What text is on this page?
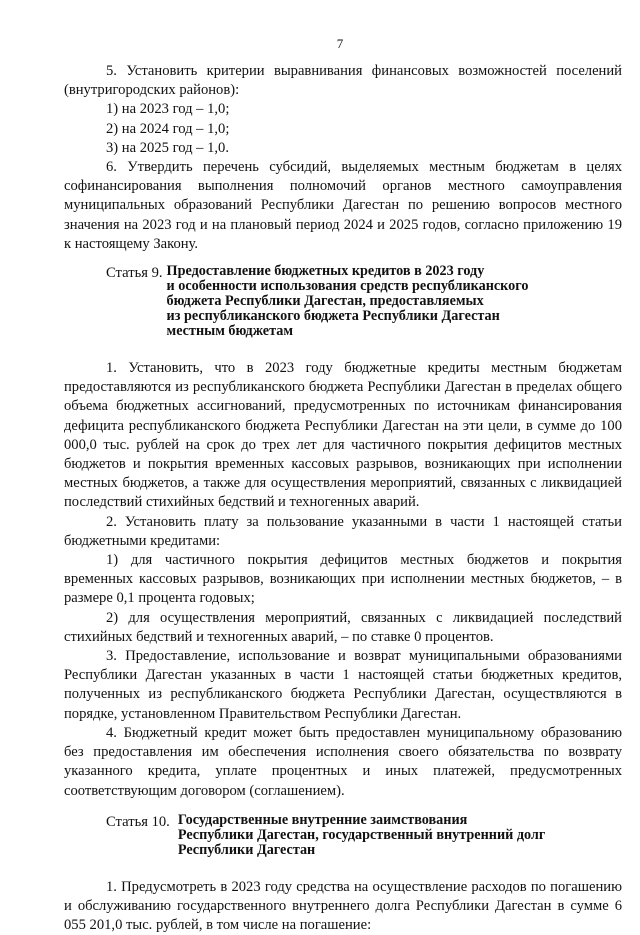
7

5. Установить критерии выравнивания финансовых возможностей поселений (внутригородских районов):

1) на 2023 год – 1,0;

2) на 2024 год – 1,0;

3) на 2025 год – 1,0.

6. Утвердить перечень субсидий, выделяемых местным бюджетам в целях софинансирования выполнения полномочий органов местного самоуправления муниципальных образований Республики Дагестан по решению вопросов местного значения на 2023 год и на плановый период 2024 и 2025 годов, согласно приложению 19 к настоящему Закону.

Статья 9. Предоставление бюджетных кредитов в 2023 году
и особенности использования средств республиканского
бюджета Республики Дагестан, предоставляемых
из республиканского бюджета Республики Дагестан
местным бюджетам

1. Установить, что в 2023 году бюджетные кредиты местным бюджетам предоставляются из республиканского бюджета Республики Дагестан в пределах общего объема бюджетных ассигнований, предусмотренных по источникам финансирования дефицита республиканского бюджета Республики Дагестан на эти цели, в сумме до 100 000,0 тыс. рублей на срок до трех лет для частичного покрытия дефицитов местных бюджетов и покрытия временных кассовых разрывов, возникающих при исполнении местных бюджетов, а также для осуществления мероприятий, связанных с ликвидацией последствий стихийных бедствий и техногенных аварий.

2. Установить плату за пользование указанными в части 1 настоящей статьи бюджетными кредитами:

1) для частичного покрытия дефицитов местных бюджетов и покрытия временных кассовых разрывов, возникающих при исполнении местных бюджетов, – в размере 0,1 процента годовых;

2) для осуществления мероприятий, связанных с ликвидацией последствий стихийных бедствий и техногенных аварий, – по ставке 0 процентов.

3. Предоставление, использование и возврат муниципальными образованиями Республики Дагестан указанных в части 1 настоящей статьи бюджетных кредитов, полученных из республиканского бюджета Республики Дагестан, осуществляются в порядке, установленном Правительством Республики Дагестан.

4. Бюджетный кредит может быть предоставлен муниципальному образованию без предоставления им обеспечения исполнения своего обязательства по возврату указанного кредита, уплате процентных и иных платежей, предусмотренных соответствующим договором (соглашением).

Статья 10. Государственные внутренние заимствования
Республики Дагестан, государственный внутренний долг
Республики Дагестан

1. Предусмотреть в 2023 году средства на осуществление расходов по погашению и обслуживанию государственного внутреннего долга Республики Дагестан в сумме 6 055 201,0 тыс. рублей, в том числе на погашение:
